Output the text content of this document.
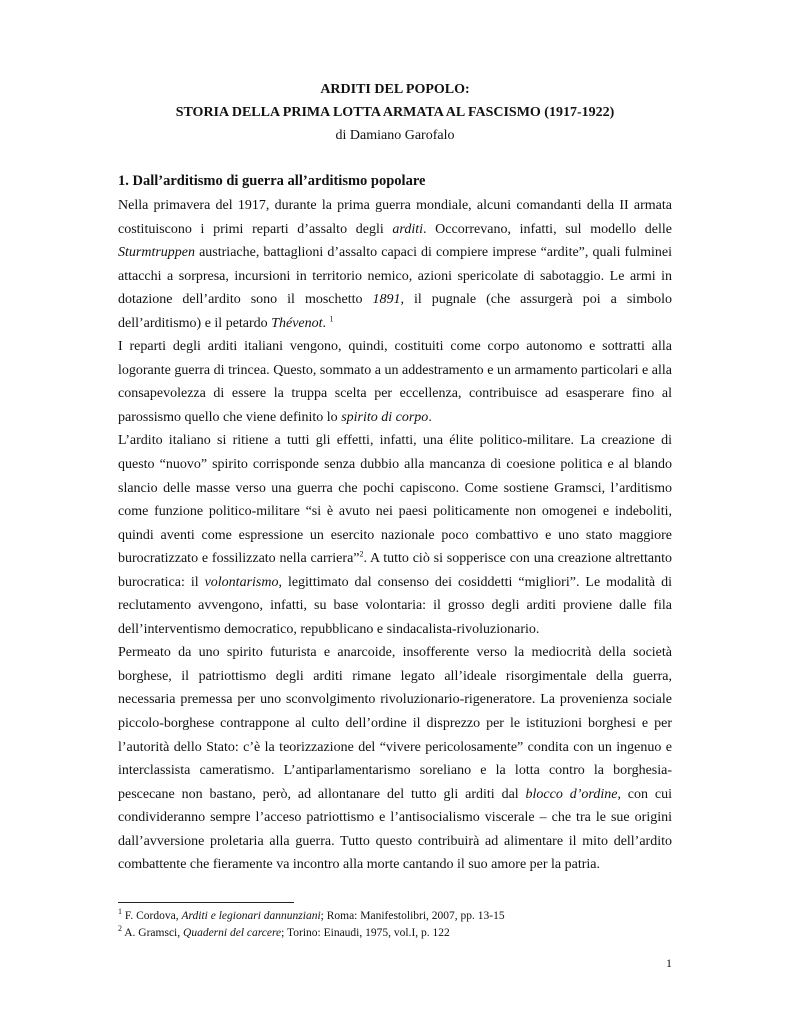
ARDITI DEL POPOLO:
STORIA DELLA PRIMA LOTTA ARMATA AL FASCISMO (1917-1922)
di Damiano Garofalo
1. Dall’arditismo di guerra all’arditismo popolare

Nella primavera del 1917, durante la prima guerra mondiale, alcuni comandanti della II armata costituiscono i primi reparti d’assalto degli arditi. Occorrevano, infatti, sul modello delle Sturmtruppen austriache, battaglioni d’assalto capaci di compiere imprese “ardite”, quali fulminei attacchi a sorpresa, incursioni in territorio nemico, azioni spericolate di sabotaggio. Le armi in dotazione dell’ardito sono il moschetto 1891, il pugnale (che assurgerà poi a simbolo dell’arditismo) e il petardo Thévenot. $^1$

I reparti degli arditi italiani vengono, quindi, costituiti come corpo autonomo e sottratti alla logorante guerra di trincea. Questo, sommato a un addestramento e un armamento particolari e alla consapevolezza di essere la truppa scelta per eccellenza, contribuisce ad esasperare fino al parossismo quello che viene definito lo spirito di corpo.

L’ardito italiano si ritiene a tutti gli effetti, infatti, una élite politico-militare. La creazione di questo “nuovo” spirito corrisponde senza dubbio alla mancanza di coesione politica e al blando slancio delle masse verso una guerra che pochi capiscono. Come sostiene Gramsci, l’arditismo come funzione politico-militare “si è avuto nei paesi politicamente non omogenei e indeboliti, quindi aventi come espressione un esercito nazionale poco combattivo e uno stato maggiore burocratizzato e fossilizzato nella carriera”$^2$. A tutto ciò si sopperisce con una creazione altrettanto burocratica: il volontarismo, legittimato dal consenso dei cosiddetti “migliori”. Le modalità di reclutamento avvengono, infatti, su base volontaria: il grosso degli arditi proviene dalle fila dell’interventismo democratico, repubblicano e sindacalista-rivoluzionario.

Permeato da uno spirito futurista e anarcoide, insofferente verso la mediocrità della società borghese, il patriottismo degli arditi rimane legato all’ideale risorgimentale della guerra, necessaria premessa per uno sconvolgimento rivoluzionario-rigeneratore. La provenienza sociale piccolo-borghese contrappone al culto dell’ordine il disprezzo per le istituzioni borghesi e per l’autorità dello Stato: c’è la teorizzazione del “vivere pericolosamente” condita con un ingenuo e interclassista cameratismo. L’antiparlamentarismo soreliano e la lotta contro la borghesia-pescecane non bastano, però, ad allontanare del tutto gli arditi dal blocco d’ordine, con cui condivideranno sempre l’acceso patriottismo e l’antisocialismo viscerale – che tra le sue origini dall’avversione proletaria alla guerra. Tutto questo contribuirà ad alimentare il mito dell’ardito combattente che fieramente va incontro alla morte cantando il suo amore per la patria.

$^1$ F. Cordova, Arditi e legionari dannunziani; Roma: Manifestolibri, 2007, pp. 13-15
$^2$ A. Gramsci, Quaderni del carcere; Torino: Einaudi, 1975, vol.I, p. 122
1
